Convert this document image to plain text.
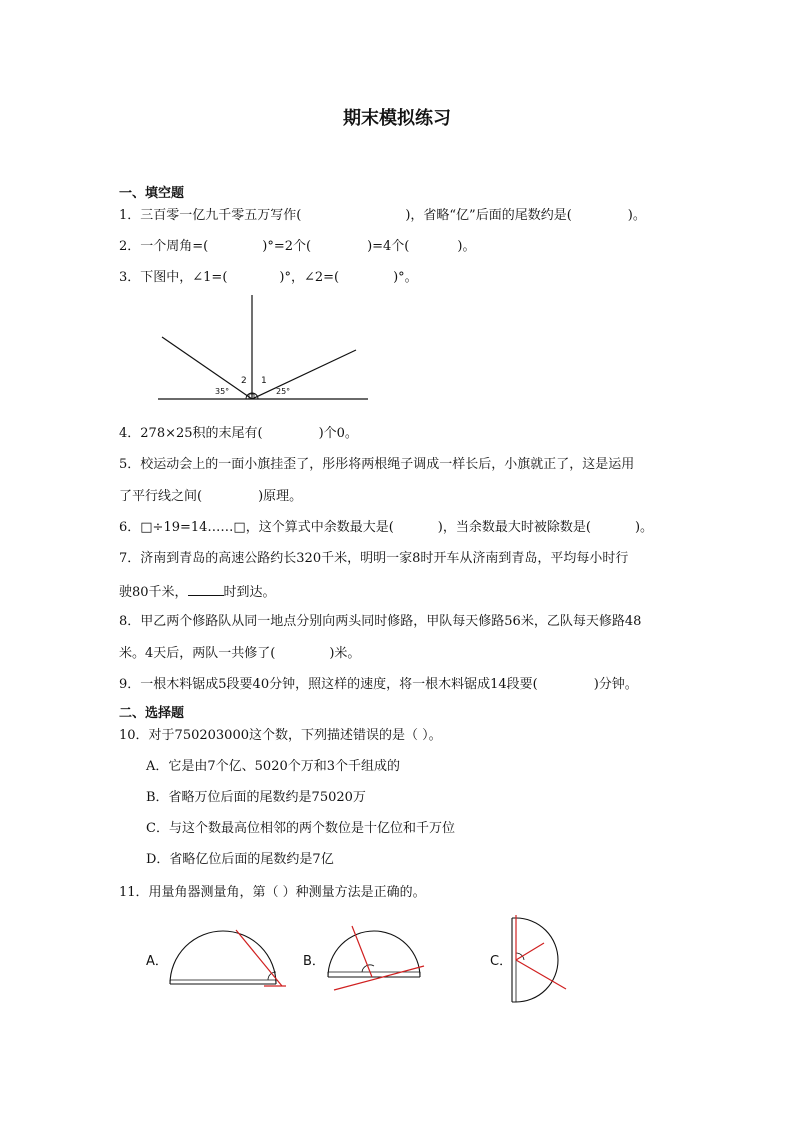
期末模拟练习
一、填空题
1．三百零一亿九千零五万写作(	)，省略“亿”后面的尾数约是(	)。
2．一个周角=(	)°=2个(	)=4个(	)。
3．下图中，∠1=(	)°，∠2=(	)°。
2 1
35°	25°
4．278×25积的末尾有(	)个0。
5．校运动会上的一面小旗挂歪了，彤彤将两根绳子调成一样长后，小旗就正了，这是运用
了平行线之间(	)原理。
6．□÷19=14……□，这个算式中余数最大是(	)，当余数最大时被除数是(	)。
7．济南到青岛的高速公路约长320千米，明明一家8时开车从济南到青岛，平均每小时行
驶80千米，	时到达。
8．甲乙两个修路队从同一地点分别向两头同时修路，甲队每天修路56米，乙队每天修路48
米。4天后，两队一共修了(	)米。
9．一根木料锯成5段要40分钟，照这样的速度，将一根木料锯成14段要(	)分钟。
二、选择题
10．对于750203000这个数，下列描述错误的是（ ）。
A．它是由7个亿、5020个万和3个千组成的
B．省略万位后面的尾数约是75020万
C．与这个数最高位相邻的两个数位是十亿位和千万位
D．省略亿位后面的尾数约是7亿
11．用量角器测量角，第（ ）种测量方法是正确的。
A．	B．	C．
